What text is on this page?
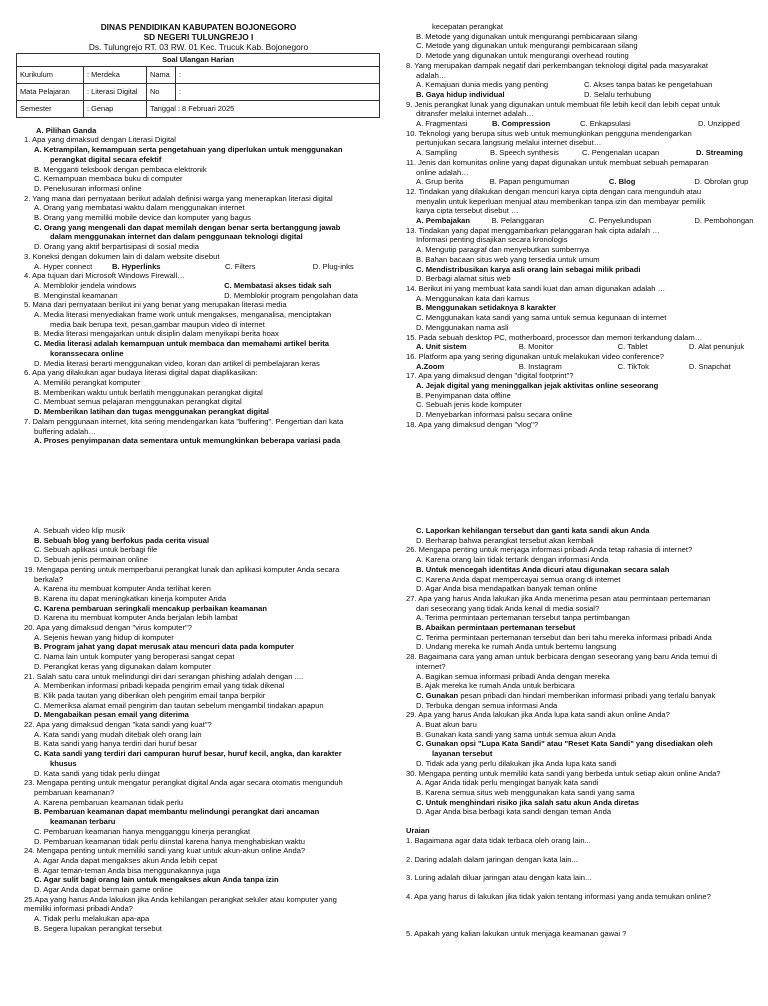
DINAS PENDIDIKAN KABUPATEN BOJONEGORO
SD NEGERI TULUNGREJO I
Ds. Tulungrejo RT. 03 RW. 01 Kec. Trucuk Kab. Bojonegoro
Soal Ulangan Harian			
Kurikulum	: Merdeka	Nama	:
Mata Pelajaran	: Literasi Digital	No	:
Semester	: Genap	Tanggal : 8 Februari 2025	
A. Pilihan Ganda
1. Apa yang dimaksud dengan Literasi Digital
A. Ketrampilan, kemampuan serta pengetahuan yang diperlukan untuk menggunakan
perangkat digital secara efektif
B. Mengganti teksbook dengan pembaca elektronik
C. Kemampuan membaca buku di computer
D. Penelusuran informasi online
2. Yang mana dari pernyataan berikut adalah definisi warga yang menerapkan literasi digital
A. Orang yang membatasi waktu dalam menggunakan internet
B. Orang yang memiliki mobile device dan komputer yang bagus
C. Orang yang mengenali dan dapat memilah dengan benar serta bertanggung jawab
dalam menggunakan internet dan dalam penggunaan teknologi digital
D. Orang yang aktif berpartisipasi di sosial media
3. Koneksi dengan dokumen lain di dalam website disebut
A. Hyper connect	B. Hyperlinks	C. Filters	D. Plug-inks
4. Apa tujuan dari Microsoft Windows Firewall…
A. Memblokir jendela windows	C. Membatasi akses tidak sah
B. Menginstal keamanan	D. Memblokir program pengolahan data
5. Mana dari pernyataan berikut ini yang benar yang merupakan literasi media
A. Media literasi menyediakan frame work untuk mengakses, menganalisa, menciptakan
media baik berupa text, pesan,gambar maupun video di internet
B. Media literasi mengajarkan untuk disiplin dalam menyikapi berita hoax
C. Media literasi adalah kemampuan untuk membaca dan memahami artikel berita
koranssecara online
D. Media literasi berarti menggunakan video, koran dan artikel di pembelajaran keras
6. Apa yang dilakukan agar budaya literasi digital dapat diaplikasikan:
A. Memiliki perangkat komputer
B. Memberikan waktu untuk berlatih menggunakan perangkat digital
C. Membuat semua pelajaran menggunakan perangkat digital
D. Memberikan latihan dan tugas menggunakan perangkat digital
7. Dalam penggunaan internet, kita sering mendengarkan kata "buffering". Pengertian dari kata
buffering adalah…
A. Proses penyimpanan data sementara untuk memungkinkan beberapa variasi pada
kecepatan perangkat
B. Metode yang digunakan untuk mengurangi pembicaraan silang
C. Metode yang digunakan untuk mengurangi pembicaraan silang
D. Metode yang digunakan untuk mengurangi overhead routing
8. Yang merupakan dampak negatif dari perkembangan teknologi digital pada masyarakat
adalah…
A. Kemajuan dunia medis yang penting	C. Akses tanpa batas ke pengetahuan
B. Gaya hidup individual	D. Selalu terhubung
9. Jenis perangkat lunak yang digunakan untuk membuat file lebih kecil dan lebih cepat untuk
ditransfer melalui internet adalah…
A. Fragmentasi	B. Compression	C. Enkapsulasi	D. Unzipped
10. Teknologi yang berupa situs web untuk memungkinkan pengguna mendengarkan
pertunjukan secara langsung melalui internet disebut…
A. Sampling	B. Speech synthesis	C. Pengenalan ucapan	D. Streaming
11. Jenis dari komunitas online yang dapat digunakan untuk membuat sebuah pemaparan
online adalah…
A. Grup berita	B. Papan pengumuman	C. Blog	D. Obrolan grup
12. Tindakan yang dilakukan dengan mencuri karya cipta dengan cara mengunduh atau
menyalin untuk keperluan menjual atau memberikan tanpa izin dan membayar pemilik
karya cipta tersebut disebut …
A. Pembajakan	B. Pelanggaran	C. Penyelundupan	D. Pembohongan
13. Tindakan yang dapat menggambarkan pelanggaran hak cipta adalah …
Informasi penting disajikan secara kronologis
A. Mengutip paragraf dan menyebutkan sumbernya
B. Bahan bacaan situs web yang tersedia untuk umum
C. Mendistribusikan karya asli orang lain sebagai milik pribadi
D. Berbagi alamat situs web
14. Berikut ini yang membuat kata sandi kuat dan aman digunakan adalah …
A. Menggunakan kata dari kamus
B. Menggunakan setidaknya 8 karakter
C. Menggunakan kata sandi yang sama untuk semua kegunaan di internet
D. Menggunakan nama asli
15. Pada sebuah desktop PC, motherboard, processor dan memori terkandung dalam…
A. Unit sistem	B. Monitor	C. Tablet	D. Alat penunjuk
16. Platform apa yang sering digunakan untuk melakukan video conference?
A.Zoom	B. Instagram	C. TikTok	D. Snapchat
17. Apa yang dimaksud dengan "digital footprint"?
A. Jejak digital yang meninggalkan jejak aktivitas online seseorang
B. Penyimpanan data offline
C. Sebuah jenis kode komputer
D. Menyebarkan informasi palsu secara online
18. Apa yang dimaksud dengan "vlog"?
A. Sebuah video klip musik
B. Sebuah blog yang berfokus pada cerita visual
C. Sebuah aplikasi untuk berbagi file
D. Sebuah jenis permainan online
19. Mengapa penting untuk memperbarui perangkat lunak dan aplikasi komputer Anda secara
berkala?
A. Karena itu membuat komputer Anda terlihat keren
B. Karena itu dapat meningkatkan kinerja komputer Anda
C. Karena pembaruan seringkali mencakup perbaikan keamanan
D. Karena itu membuat komputer Anda berjalan lebih lambat
20. Apa yang dimaksud dengan "virus komputer"?
A. Sejenis hewan yang hidup di komputer
B. Program jahat yang dapat merusak atau mencuri data pada komputer
C. Nama lain untuk komputer yang beroperasi sangat cepat
D. Perangkat keras yang digunakan dalam komputer
21. Salah satu cara untuk melindungi diri dari serangan phishing adalah dengan ....
A. Memberikan informasi pribadi kepada pengirim email yang tidak dikenal
B. Klik pada tautan yang diberikan oleh pengirim email tanpa berpikir
C. Memeriksa alamat email pengirim dan tautan sebelum mengambil tindakan apapun
D. Mengabaikan pesan email yang diterima
22. Apa yang dimaksud dengan "kata sandi yang kuat"?
A. Kata sandi yang mudah ditebak oleh orang lain
B. Kata sandi yang hanya terdiri dari huruf besar
C. Kata sandi yang terdiri dari campuran huruf besar, huruf kecil, angka, dan karakter
khusus
D. Kata sandi yang tidak perlu diingat
23. Mengapa penting untuk mengatur perangkat digital Anda agar secara otomatis mengunduh
pembaruan keamanan?
A. Karena pembaruan keamanan tidak perlu
B. Pembaruan keamanan dapat membantu melindungi perangkat dari ancaman
keamanan terbaru
C. Pembaruan keamanan hanya mengganggu kinerja perangkat
D. Pembaruan keamanan tidak perlu diinstal karena hanya menghabiskan waktu
24. Mengapa penting untuk memiliki sandi yang kuat untuk akun-akun online Anda?
A. Agar Anda dapat mengakses akun Anda lebih cepat
B. Agar teman-teman Anda bisa menggunakannya juga
C. Agar sulit bagi orang lain untuk mengakses akun Anda tanpa izin
D. Agar Anda dapat bermain game online
25.Apa yang harus Anda lakukan jika Anda kehilangan perangkat seluler atau komputer yang
memiliki informasi pribadi Anda?
A. Tidak perlu melakukan apa-apa
B. Segera lupakan perangkat tersebut
C. Laporkan kehilangan tersebut dan ganti kata sandi akun Anda
D. Berharap bahwa perangkat tersebut akan kembali
26. Mengapa penting untuk menjaga informasi pribadi Anda tetap rahasia di internet?
A. Karena orang lain tidak tertarik dengan informasi Anda
B. Untuk mencegah identitas Anda dicuri atau digunakan secara salah
C. Karena Anda dapat mempercayai semua orang di internet
D. Agar Anda bisa mendapatkan banyak teman online
27. Apa yang harus Anda lakukan jika Anda menerima pesan atau permintaan pertemanan
dari seseorang yang tidak Anda kenal di media sosial?
A. Terima permintaan pertemanan tersebut tanpa pertimbangan
B. Abaikan permintaan pertemanan tersebut
C. Terima permintaan pertemanan tersebut dan beri tahu mereka informasi pribadi Anda
D. Undang mereka ke rumah Anda untuk bertemu langsung
28. Bagaimana cara yang aman untuk berbicara dengan seseorang yang baru Anda temui di
internet?
A. Bagikan semua informasi pribadi Anda dengan mereka
B. Ajak mereka ke rumah Anda untuk berbicara
C. Gunakan pesan pribadi dan hindari memberikan informasi pribadi yang terlalu banyak
D. Terbuka dengan semua informasi Anda
29. Apa yang harus Anda lakukan jika Anda lupa kata sandi akun online Anda?
A. Buat akun baru
B. Gunakan kata sandi yang sama untuk semua akun Anda
C. Gunakan opsi "Lupa Kata Sandi" atau "Reset Kata Sandi" yang disediakan oleh
layanan tersebut
D. Tidak ada yang perlu dilakukan jika Anda lupa kata sandi
30. Mengapa penting untuk memiliki kata sandi yang berbeda untuk setiap akun online Anda?
A. Agar Anda tidak perlu mengingat banyak kata sandi
B. Karena semua situs web menggunakan kata sandi yang sama
C. Untuk menghindari risiko jika salah satu akun Anda diretas
D. Agar Anda bisa berbagi kata sandi dengan teman Anda
Uraian
1. Bagaimana agar data tidak terbaca oleh orang lain...
2. Daring adalah dalam jaringan dengan kata lain...
3. Luring adalah diluar jaringan atau dengan kata lain...
4. Apa yang harus di lakukan jika tidak yakin tentang informasi yang anda temukan online?
5. Apakah yang kalian lakukan untuk menjaga keamanan gawai ?
